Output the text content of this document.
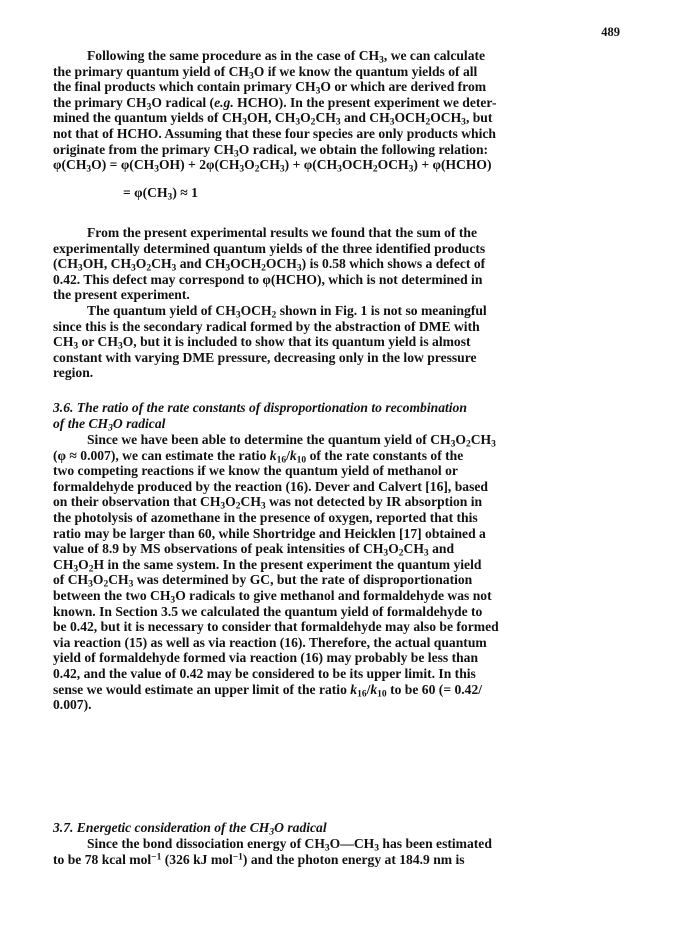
489
Following the same procedure as in the case of $CH_3$, we can calculate
the primary quantum yield of $CH_3O$ if we know the quantum yields of all
the final products which contain primary $CH_3O$ or which are derived from
the primary $CH_3O$ radical (e.g. HCHO). In the present experiment we deter-
mined the quantum yields of $CH_3OH$, $CH_3O_2CH_3$ and $CH_3OCH_2OCH_3$, but
not that of HCHO. Assuming that these four species are only products which
originate from the primary $CH_3O$ radical, we obtain the following relation:
$\varphi(CH_3O) = \varphi(CH_3OH) + 2\varphi(CH_3O_2CH_3) + \varphi(CH_3OCH_2OCH_3)$ + φ(HCHO)
= $\varphi(CH_3) \approx 1$
From the present experimental results we found that the sum of the
experimentally determined quantum yields of the three identified products
($CH_3OH$, $CH_3O_2CH_3$ and $CH_3OCH_2OCH_3$) is 0.58 which shows a defect of
0.42. This defect may correspond to φ(HCHO), which is not determined in
the present experiment.
The quantum yield of $CH_3OCH_2$ shown in Fig. 1 is not so meaningful
since this is the secondary radical formed by the abstraction of DME with
$CH_3$ or $CH_3O$, but it is included to show that its quantum yield is almost
constant with varying DME pressure, decreasing only in the low pressure
region.
3.6. The ratio of the rate constants of disproportionation to recombination
of the $CH_3O$ radical
Since we have been able to determine the quantum yield of $CH_3O_2CH_3$
(φ ≈ 0.007), we can estimate the ratio $k_{16}/k_{10}$ of the rate constants of the
two competing reactions if we know the quantum yield of methanol or
formaldehyde produced by the reaction (16). Dever and Calvert [16], based
on their observation that $CH_3O_2CH_3$ was not detected by IR absorption in
the photolysis of azomethane in the presence of oxygen, reported that this
ratio may be larger than 60, while Shortridge and Heicklen [17] obtained a
value of 8.9 by MS observations of peak intensities of $CH_3O_2CH_3$ and
$CH_3O_2H$ in the same system. In the present experiment the quantum yield
of $CH_3O_2CH_3$ was determined by GC, but the rate of disproportionation
between the two $CH_3O$ radicals to give methanol and formaldehyde was not
known. In Section 3.5 we calculated the quantum yield of formaldehyde to
be 0.42, but it is necessary to consider that formaldehyde may also be formed
via reaction (15) as well as via reaction (16). Therefore, the actual quantum
yield of formaldehyde formed via reaction (16) may probably be less than
0.42, and the value of 0.42 may be considered to be its upper limit. In this
sense we would estimate an upper limit of the ratio $k_{16}/k_{10}$ to be 60 (= 0.42/
0.007).
3.7. Energetic consideration of the $CH_3O$ radical
Since the bond dissociation energy of $CH_3O—CH_3$ has been estimated
to be 78 kcal mol$^{-1}$ (326 kJ mol$^{-1}$) and the photon energy at 184.9 nm is
